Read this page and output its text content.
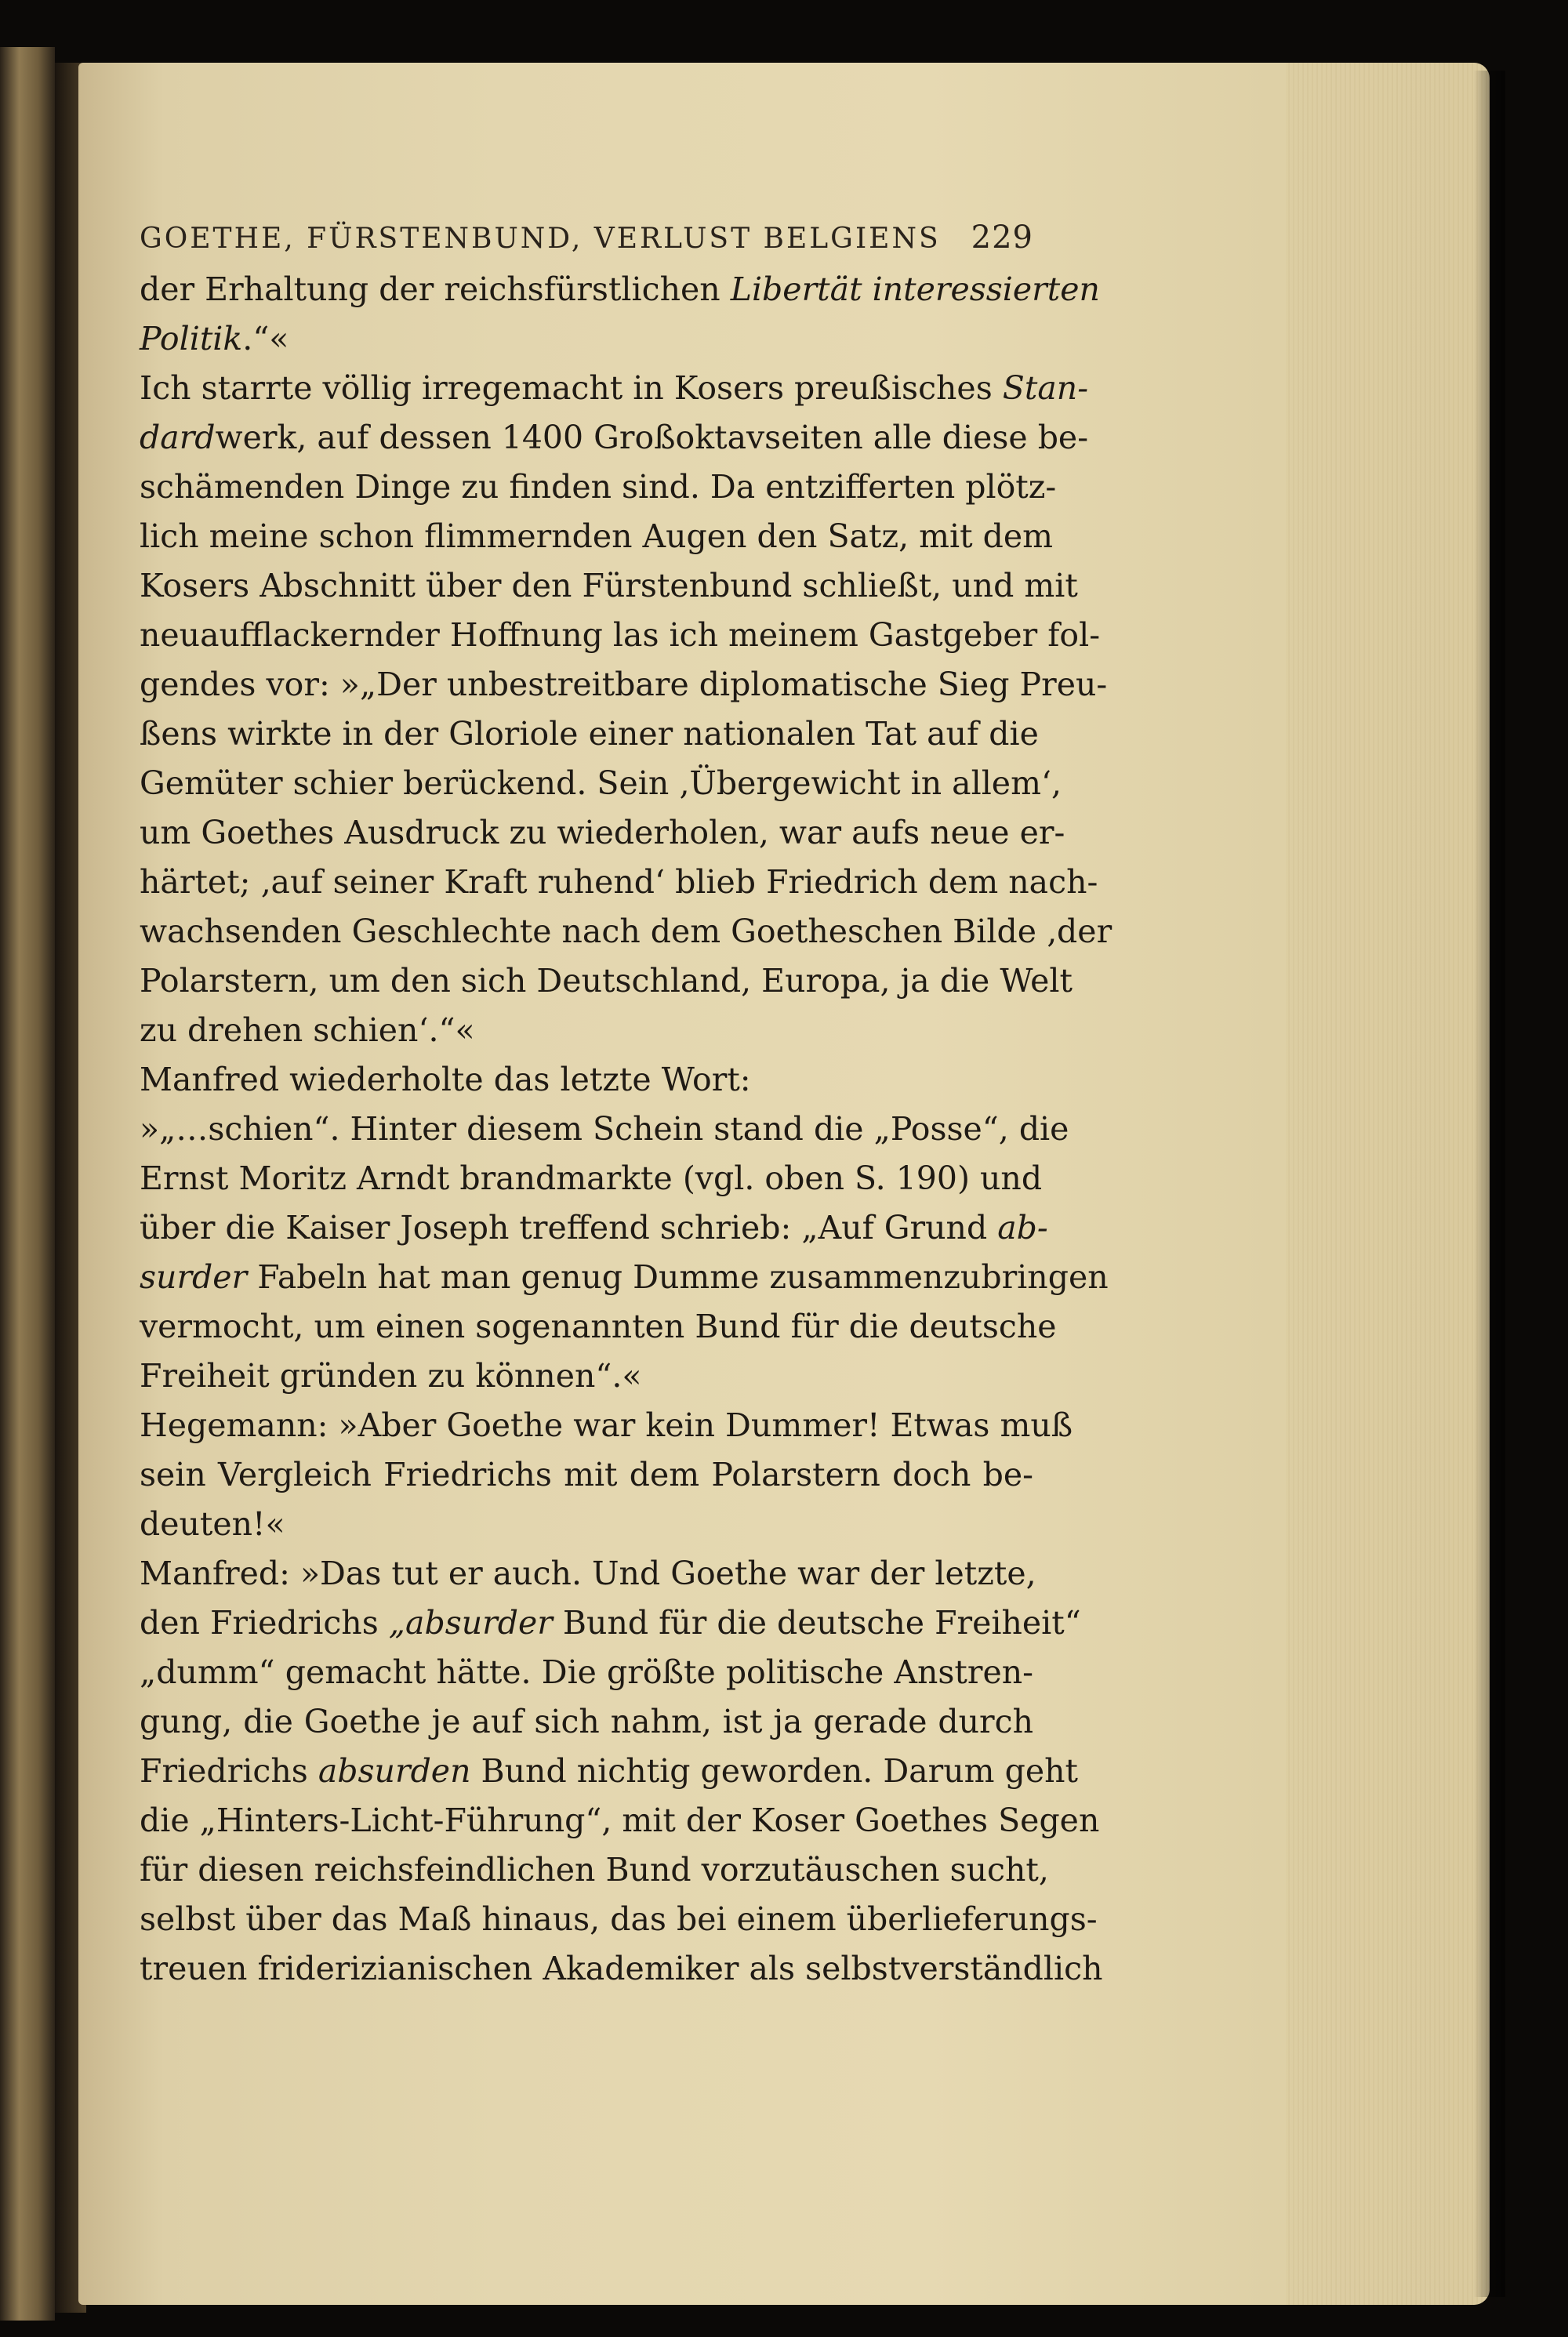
GOETHE, FÜRSTENBUND, VERLUST BELGIENS 229
der Erhaltung der reichsfürstlichen Libertät interessierten
Politik.“«
Ich starrte völlig irregemacht in Kosers preußisches Stan-
dardwerk, auf dessen 1400 Großoktavseiten alle diese be-
schämenden Dinge zu finden sind. Da entzifferten plötz-
lich meine schon flimmernden Augen den Satz, mit dem
Kosers Abschnitt über den Fürstenbund schließt, und mit
neuaufflackernder Hoffnung las ich meinem Gastgeber fol-
gendes vor: »„Der unbestreitbare diplomatische Sieg Preu-
ßens wirkte in der Gloriole einer nationalen Tat auf die
Gemüter schier berückend. Sein ‚Übergewicht in allem‘,
um Goethes Ausdruck zu wiederholen, war aufs neue er-
härtet; ‚auf seiner Kraft ruhend‘ blieb Friedrich dem nach-
wachsenden Geschlechte nach dem Goetheschen Bilde ‚der
Polarstern, um den sich Deutschland, Europa, ja die Welt
zu drehen schien‘.“«
Manfred wiederholte das letzte Wort:
»„…schien“. Hinter diesem Schein stand die „Posse“, die
Ernst Moritz Arndt brandmarkte (vgl. oben S. 190) und
über die Kaiser Joseph treffend schrieb: „Auf Grund ab-
surder Fabeln hat man genug Dumme zusammenzubringen
vermocht, um einen sogenannten Bund für die deutsche
Freiheit gründen zu können“.«
Hegemann: »Aber Goethe war kein Dummer! Etwas muß
sein Vergleich Friedrichs mit dem Polarstern doch be-
deuten!«
Manfred: »Das tut er auch. Und Goethe war der letzte,
den Friedrichs „absurder Bund für die deutsche Freiheit“
„dumm“ gemacht hätte. Die größte politische Anstren-
gung, die Goethe je auf sich nahm, ist ja gerade durch
Friedrichs absurden Bund nichtig geworden. Darum geht
die „Hinters-Licht-Führung“, mit der Koser Goethes Segen
für diesen reichsfeindlichen Bund vorzutäuschen sucht,
selbst über das Maß hinaus, das bei einem überlieferungs-
treuen friderizianischen Akademiker als selbstverständlich
